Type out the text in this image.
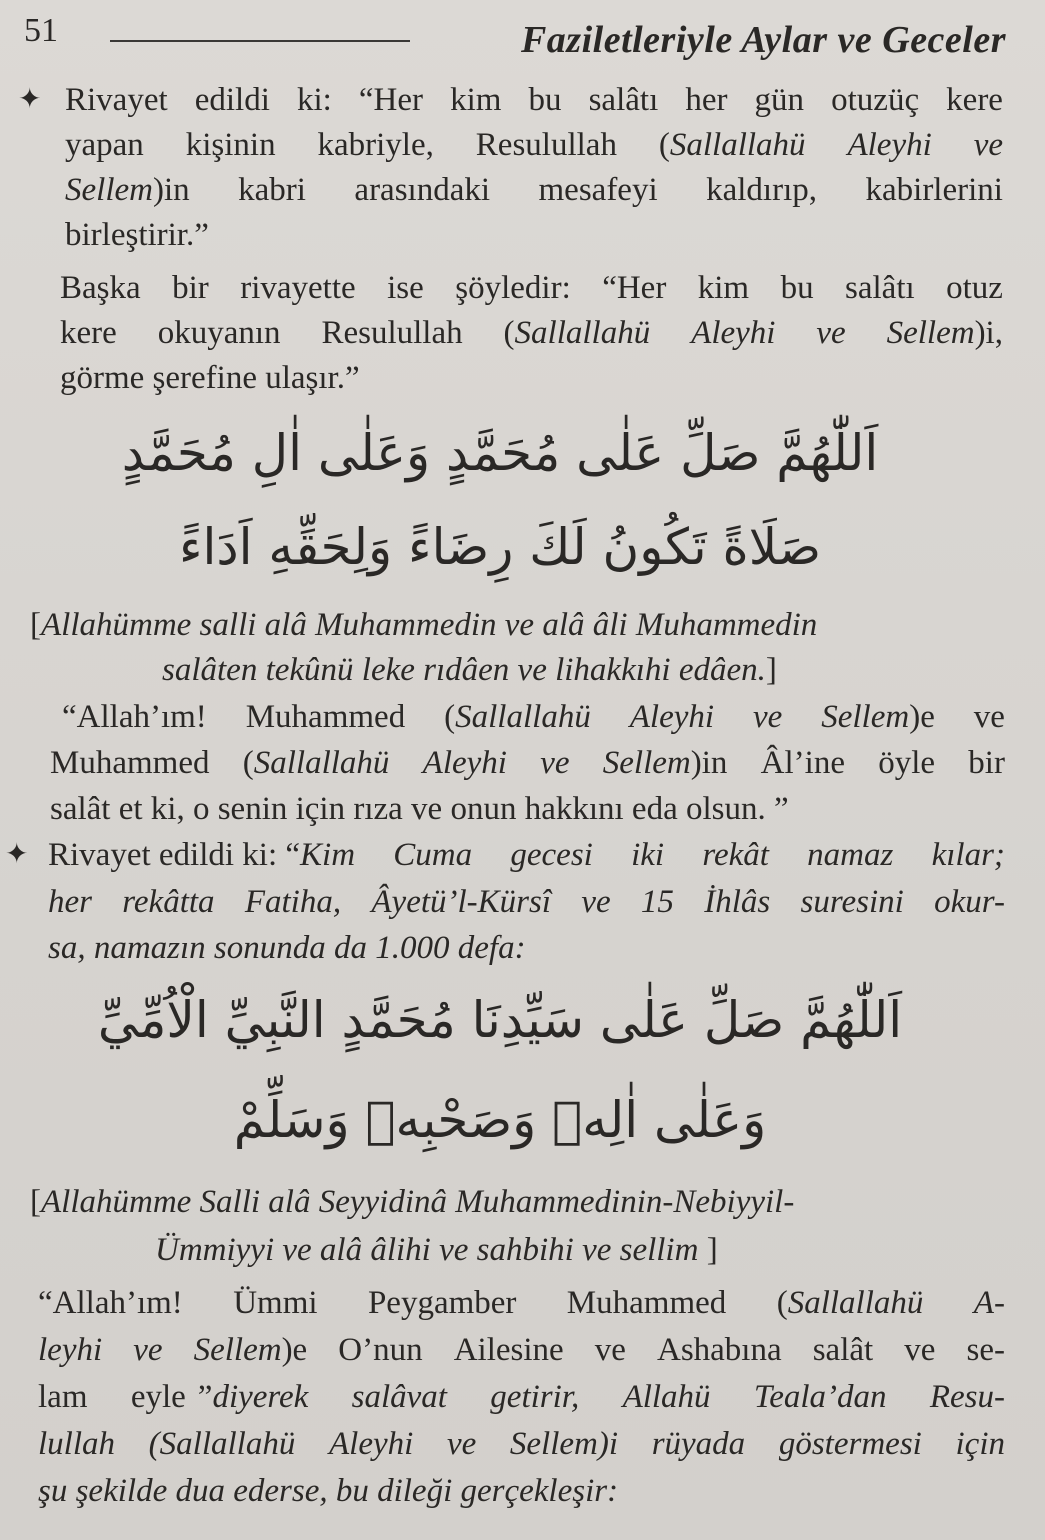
51	Faziletleriyle Aylar ve Geceler
✦ Rivayet edildi ki: “Her kim bu salâtı her gün otuzüç kere
yapan kişinin kabriyle, Resulullah (Sallallahü Aleyhi ve
Sellem)in kabri arasındaki mesafeyi kaldırıp, kabirlerini
birleştirir.”
Başka bir rivayette ise şöyledir: “Her kim bu salâtı otuz
kere okuyanın Resulullah (Sallallahü Aleyhi ve Sellem)i,
görme şerefine ulaşır.”
اَللّٰهُمَّ صَلِّ عَلٰى مُحَمَّدٍ وَعَلٰى اٰلِ مُحَمَّدٍ
صَلَاةً تَكُونُ لَكَ رِضَاءً وَلِحَقِّهِ اَدَاءً
[Allahümme salli alâ Muhammedin ve alâ âli Muhammedin
salâten tekûnü leke rıdâen ve lihakkıhi edâen.]
“Allah’ım! Muhammed (Sallallahü Aleyhi ve Sellem)e ve
Muhammed (Sallallahü Aleyhi ve Sellem)in Âl’ine öyle bir
salât et ki, o senin için rıza ve onun hakkını eda olsun. ”
✦ Rivayet edildi ki: “ Kim Cuma gecesi iki rekât namaz kılar;
her rekâtta Fatiha, Âyetü’l-Kürsî ve 15 İhlâs suresini okur-
sa, namazın sonunda da 1.000 defa:
اَللّٰهُمَّ صَلِّ عَلٰى سَيِّدِنَا مُحَمَّدٍ النَّبِيِّ الْاُمِّيِّ
وَعَلٰى اٰلِهٖ وَصَحْبِهٖ وَسَلِّمْ
[Allahümme Salli alâ Seyyidinâ Muhammedinin-Nebiyyil-
Ümmiyyi ve alâ âlihi ve sahbihi ve sellim ]
“Allah’ım! Ümmi Peygamber Muhammed (Sallallahü A-
leyhi ve Sellem)e O’nun Ailesine ve Ashabına salât ve se-
lam eyle ”diyerek salâvat getirir, Allahü Teala’dan Resu-
lullah (Sallallahü Aleyhi ve Sellem)i rüyada göstermesi için
şu şekilde dua ederse, bu dileği gerçekleşir:
